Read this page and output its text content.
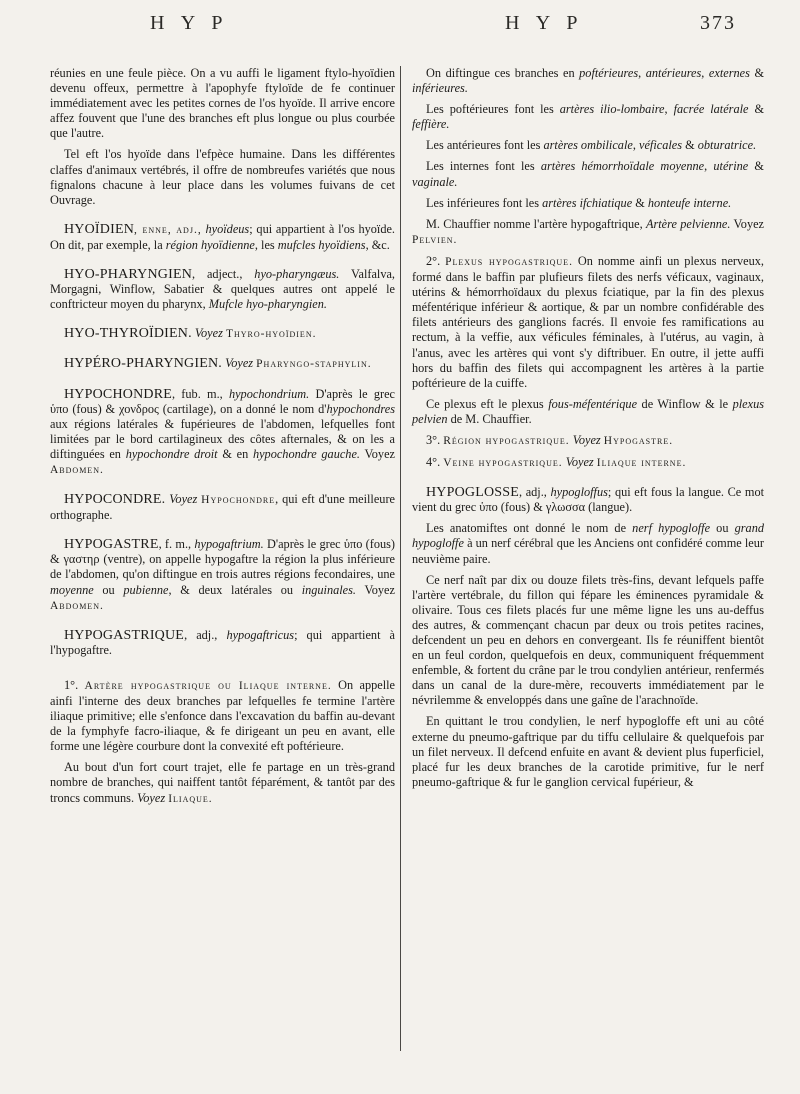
H Y P	H Y P	373

réunies en une feule pièce. On a vu auffi le ligament ftylo-hyoïdien devenu offeux, permettre à l'apophyfe ftyloïde de fe continuer immédiatement avec les petites cornes de l'os hyoïde. Il arrive encore affez fouvent que l'une des branches eft plus longue ou plus courbée que l'autre.

Tel eft l'os hyoïde dans l'efpèce humaine. Dans les différentes claffes d'animaux vertébrés, il offre de nombreufes variétés que nous fignalons chacune à leur place dans les volumes fuivans de cet Ouvrage.

HYOÏDIEN, enne, adj., hyoïdeus; qui appartient à l'os hyoïde. On dit, par exemple, la région hyoïdienne, les mufcles hyoïdiens, &c.

HYO-PHARYNGIEN, adject., hyo-pharyngæus. Valfalva, Morgagni, Winflow, Sabatier & quelques autres ont appelé le conftricteur moyen du pharynx, Mufcle hyo-pharyngien.

HYO-THYROÏDIEN. Voyez Thyro-hyoïdien.

HYPÉRO-PHARYNGIEN. Voyez Pharyngo-staphylin.

HYPOCHONDRE, fub. m., hypochondrium. D'après le grec ὑπο (fous) & χονδρος (cartilage), on a donné le nom d'hypochondres aux régions latérales & fupérieures de l'abdomen, lefquelles font limitées par le bord cartilagineux des côtes afternales, & on les a diftinguées en hypochondre droit & en hypochondre gauche. Voyez Abdomen.

HYPOCONDRE. Voyez Hypochondre, qui eft d'une meilleure orthographe.

HYPOGASTRE, f. m., hypogaftrium. D'après le grec ὑπο (fous) & γαστηρ (ventre), on appelle hypogaftre la région la plus inférieure de l'abdomen, qu'on diftingue en trois autres régions fecondaires, une moyenne ou pubienne, & deux latérales ou inguinales. Voyez Abdomen.

HYPOGASTRIQUE, adj., hypogaftricus; qui appartient à l'hypogaftre.

1°. Artère hypogastrique ou Iliaque interne. On appelle ainfi l'interne des deux branches par lefquelles fe termine l'artère iliaque primitive; elle s'enfonce dans l'excavation du baffin au-devant de la fymphyfe facro-iliaque, & fe dirigeant un peu en avant, elle forme une légère courbure dont la convexité eft poftérieure.

Au bout d'un fort court trajet, elle fe partage en un très-grand nombre de branches, qui naiffent tantôt féparément, & tantôt par des troncs communs. Voyez Iliaque.

On diftingue ces branches en poftérieures, antérieures, externes & inférieures.

Les poftérieures font les artères ilio-lombaire, facrée latérale & feffière.

Les antérieures font les artères ombilicale, véficales & obturatrice.

Les internes font les artères hémorrhoïdale moyenne, utérine & vaginale.

Les inférieures font les artères ifchiatique & honteufe interne.

M. Chauffier nomme l'artère hypogaftrique, Artère pelvienne. Voyez Pelvien.

2°. Plexus hypogastrique. On nomme ainfi un plexus nerveux, formé dans le baffin par plufieurs filets des nerfs véficaux, vaginaux, utérins & hémorrhoïdaux du plexus fciatique, par la fin des plexus méfentérique inférieur & aortique, & par un nombre confidérable des filets antérieurs des ganglions facrés. Il envoie fes ramifications au rectum, à la veffie, aux véficules féminales, à l'utérus, au vagin, à l'anus, avec les artères qui vont s'y diftribuer. En outre, il jette auffi hors du baffin des filets qui accompagnent les artères à la partie poftérieure de la cuiffe.

Ce plexus eft le plexus fous-méfentérique de Winflow & le plexus pelvien de M. Chauffier.

3°. Région hypogastrique. Voyez Hypogastre.

4°. Veine hypogastrique. Voyez Iliaque interne.

HYPOGLOSSE, adj., hypogloffus; qui eft fous la langue. Ce mot vient du grec ὑπο (fous) & γλωσσα (langue).

Les anatomiftes ont donné le nom de nerf hypogloffe ou grand hypogloffe à un nerf cérébral que les Anciens ont confidéré comme leur neuvième paire.

Ce nerf naît par dix ou douze filets très-fins, devant lefquels paffe l'artère vertébrale, du fillon qui fépare les éminences pyramidale & olivaire. Tous ces filets placés fur une même ligne les uns au-deffus des autres, & commençant chacun par deux ou trois petites racines, defcendent un peu en dehors en convergeant. Ils fe réuniffent bientôt en un feul cordon, quelquefois en deux, communiquent fréquemment enfemble, & fortent du crâne par le trou condylien antérieur, renfermés dans un canal de la dure-mère, recouverts immédiatement par le névrilemme & enveloppés dans une gaîne de l'arachnoïde.

En quittant le trou condylien, le nerf hypogloffe eft uni au côté externe du pneumo-gaftrique par du tiffu cellulaire & quelquefois par un filet nerveux. Il defcend enfuite en avant & devient plus fuperficiel, placé fur les deux branches de la carotide primitive, fur le nerf pneumo-gaftrique & fur le ganglion cervical fupérieur, &
